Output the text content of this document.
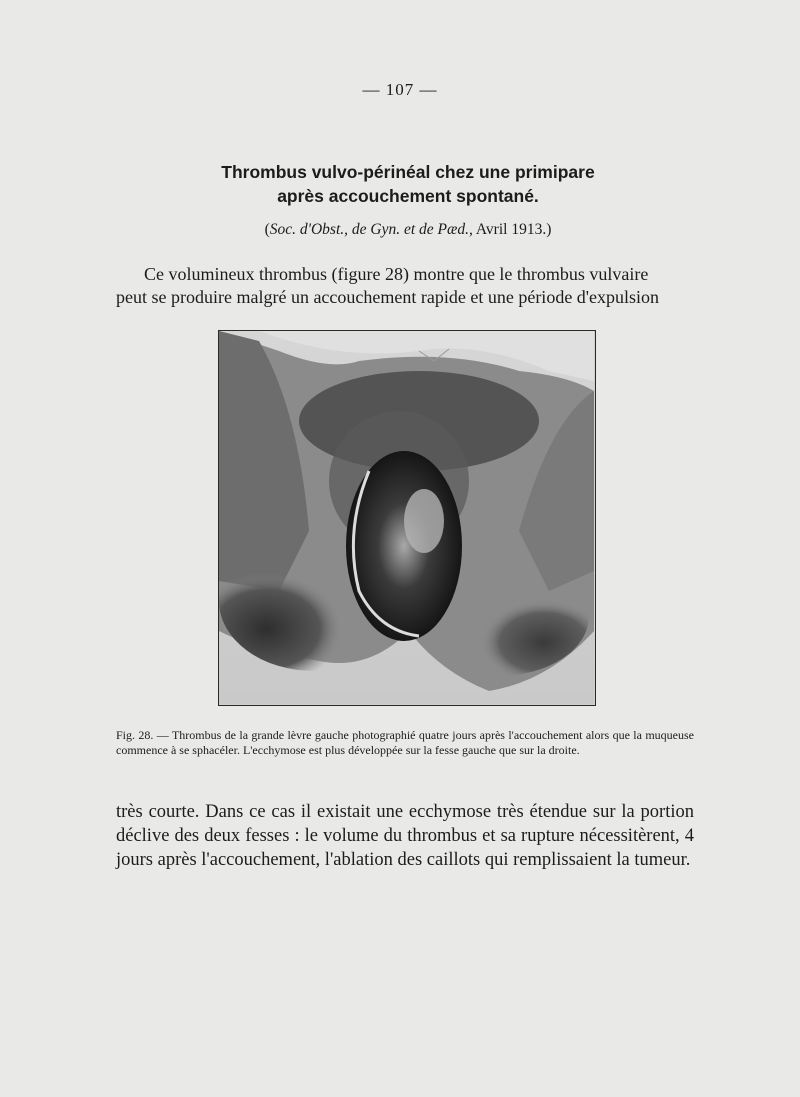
— 107 —
Thrombus vulvo-périnéal chez une primipare
après accouchement spontané.
(Soc. d'Obst., de Gyn. et de Pæd., Avril 1913.)
Ce volumineux thrombus (figure 28) montre que le thrombus vulvaire
peut se produire malgré un accouchement rapide et une période d'expulsion
Fig. 28. — Thrombus de la grande lèvre gauche photographié quatre jours après l'accouchement alors que la muqueuse commence à se sphacéler. L'ecchymose est plus développée sur la fesse gauche que sur la droite.
très courte. Dans ce cas il existait une ecchymose très étendue sur la portion déclive des deux fesses : le volume du thrombus et sa rupture nécessitèrent, 4 jours après l'accouchement, l'ablation des caillots qui remplissaient la tumeur.
